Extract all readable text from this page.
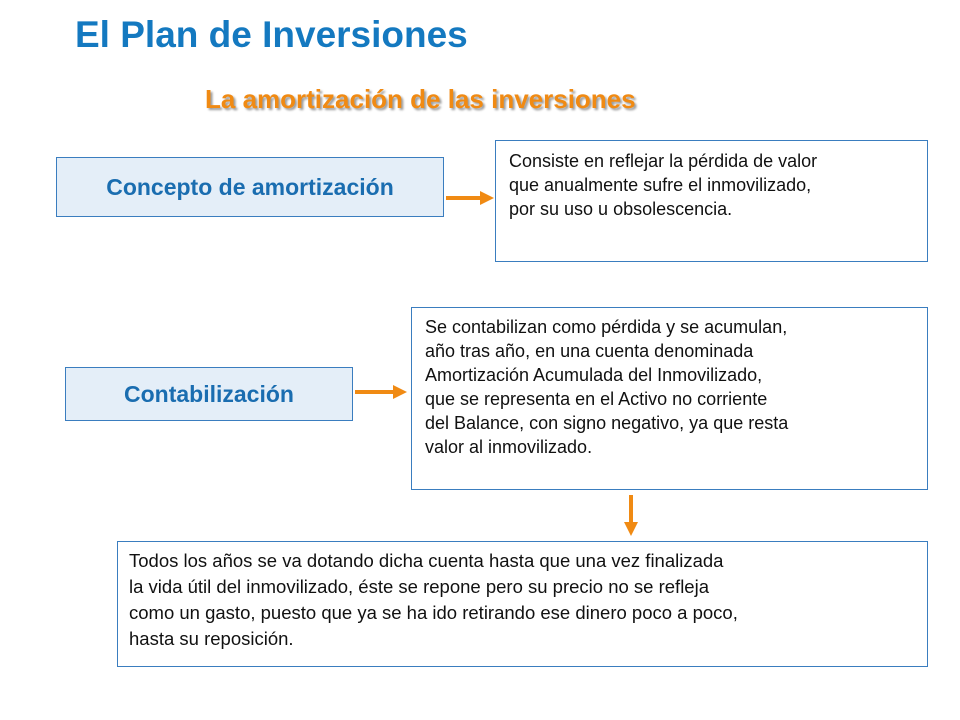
El Plan de Inversiones
La amortización de las inversiones
Concepto de amortización
Consiste en reflejar la pérdida de valor
que anualmente sufre el inmovilizado,
por su uso u obsolescencia.
Contabilización
Se contabilizan como pérdida y se acumulan,
año tras año, en una cuenta denominada
Amortización Acumulada del Inmovilizado,
que se representa en el Activo no corriente
del Balance, con signo negativo, ya que resta
valor al inmovilizado.
Todos los años se va dotando dicha cuenta hasta que una vez finalizada
la vida útil del inmovilizado, éste se repone pero su precio no se refleja
como un gasto, puesto que ya se ha ido retirando ese dinero poco a poco,
hasta su reposición.
